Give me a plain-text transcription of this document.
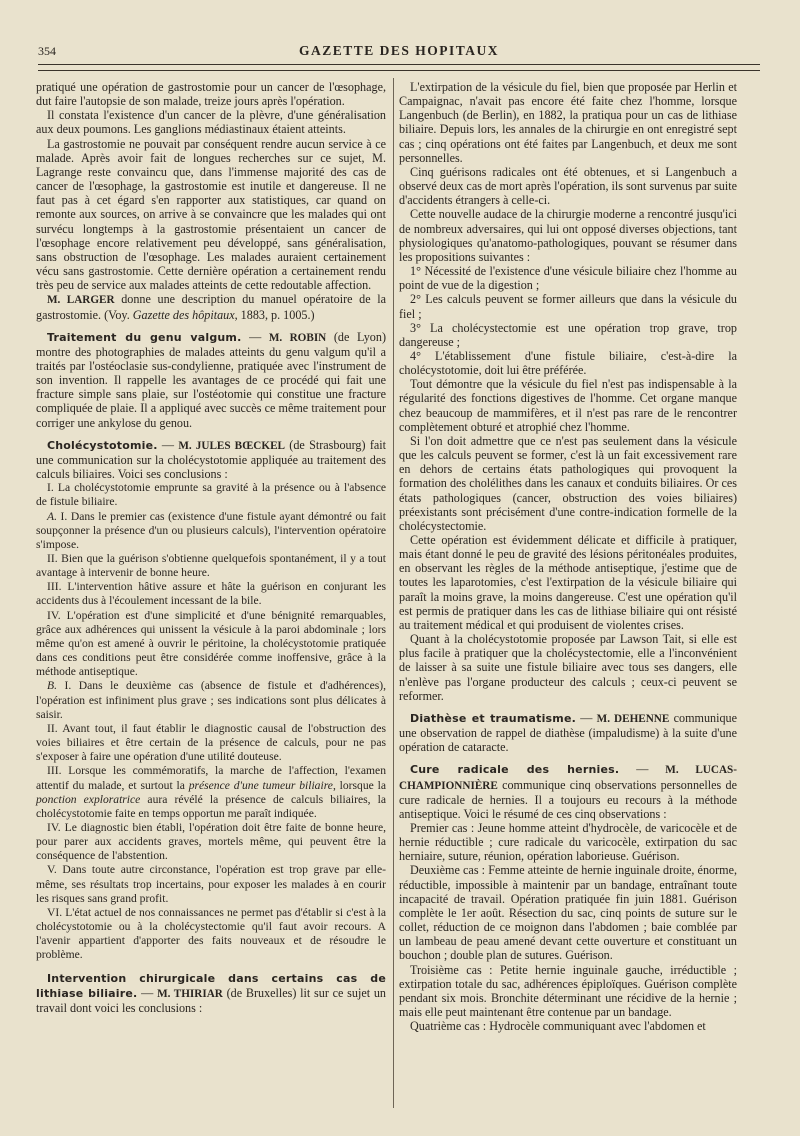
354	GAZETTE DES HOPITAUX

pratiqué une opération de gastrostomie pour un cancer de l'œsophage, dut faire l'autopsie de son malade, treize jours après l'opération.

Il constata l'existence d'un cancer de la plèvre, d'une généralisation aux deux poumons. Les ganglions médiastinaux étaient atteints.

La gastrostomie ne pouvait par conséquent rendre aucun service à ce malade. Après avoir fait de longues recherches sur ce sujet, M. Lagrange reste convaincu que, dans l'immense majorité des cas de cancer de l'œsophage, la gastrostomie est inutile et dangereuse. Il ne faut pas à cet égard s'en rapporter aux statistiques, car quand on remonte aux sources, on arrive à se convaincre que les malades qui ont survécu longtemps à la gastrostomie présentaient un cancer de l'œsophage encore relativement peu développé, sans généralisation, sans obstruction de l'œsophage. Les malades auraient certainement vécu sans gastrostomie. Cette dernière opération a certainement rendu très peu de service aux malades atteints de cette redoutable affection.

M. LARGER donne une description du manuel opératoire de la gastrostomie. (Voy. Gazette des hôpitaux, 1883, p. 1005.)

Traitement du genu valgum. — M. ROBIN (de Lyon) montre des photographies de malades atteints du genu valgum qu'il a traités par l'ostéoclasie sus-condylienne, pratiquée avec l'instrument de son invention. Il rappelle les avantages de ce procédé qui fait une fracture simple sans plaie, sur l'ostéotomie qui constitue une fracture compliquée de plaie. Il a appliqué avec succès ce même traitement pour corriger une ankylose du genou.

Cholécystotomie. — M. JULES BŒCKEL (de Strasbourg) fait une communication sur la cholécystotomie appliquée au traitement des calculs biliaires. Voici ses conclusions :

I. La cholécystotomie emprunte sa gravité à la présence ou à l'absence de fistule biliaire.

A. I. Dans le premier cas (existence d'une fistule ayant démontré ou fait soupçonner la présence d'un ou plusieurs calculs), l'intervention opératoire s'impose.

II. Bien que la guérison s'obtienne quelquefois spontanément, il y a tout avantage à intervenir de bonne heure.

III. L'intervention hâtive assure et hâte la guérison en conjurant les accidents dus à l'écoulement incessant de la bile.

IV. L'opération est d'une simplicité et d'une bénignité remarquables, grâce aux adhérences qui unissent la vésicule à la paroi abdominale ; lors même qu'on est amené à ouvrir le péritoine, la cholécystotomie pratiquée dans ces conditions peut être considérée comme inoffensive, grâce à la méthode antiseptique.

B. I. Dans le deuxième cas (absence de fistule et d'adhérences), l'opération est infiniment plus grave ; ses indications sont plus délicates à saisir.

II. Avant tout, il faut établir le diagnostic causal de l'obstruction des voies biliaires et être certain de la présence de calculs, pour ne pas s'exposer à faire une opération d'une utilité douteuse.

III. Lorsque les commémoratifs, la marche de l'affection, l'examen attentif du malade, et surtout la présence d'une tumeur biliaire, lorsque la ponction exploratrice aura révélé la présence de calculs biliaires, la cholécystotomie faite en temps opportun me paraît indiquée.

IV. Le diagnostic bien établi, l'opération doit être faite de bonne heure, pour parer aux accidents graves, mortels même, qui peuvent être la conséquence de l'abstention.

V. Dans toute autre circonstance, l'opération est trop grave par elle-même, ses résultats trop incertains, pour exposer les malades à en courir les risques sans grand profit.

VI. L'état actuel de nos connaissances ne permet pas d'établir si c'est à la cholécystotomie ou à la cholécystectomie qu'il faut avoir recours. A l'avenir appartient d'apporter des faits nouveaux et de résoudre le problème.

Intervention chirurgicale dans certains cas de lithiase biliaire. — M. THIRIAR (de Bruxelles) lit sur ce sujet un travail dont voici les conclusions :

L'extirpation de la vésicule du fiel, bien que proposée par Herlin et Campaignac, n'avait pas encore été faite chez l'homme, lorsque Langenbuch (de Berlin), en 1882, la pratiqua pour un cas de lithiase biliaire. Depuis lors, les annales de la chirurgie en ont enregistré sept cas ; cinq opérations ont été faites par Langenbuch, et deux me sont personnelles.

Cinq guérisons radicales ont été obtenues, et si Langenbuch a observé deux cas de mort après l'opération, ils sont survenus par suite d'accidents étrangers à celle-ci.

Cette nouvelle audace de la chirurgie moderne a rencontré jusqu'ici de nombreux adversaires, qui lui ont opposé diverses objections, tant physiologiques qu'anatomo-pathologiques, pouvant se résumer dans les propositions suivantes :

1° Nécessité de l'existence d'une vésicule biliaire chez l'homme au point de vue de la digestion ;

2° Les calculs peuvent se former ailleurs que dans la vésicule du fiel ;

3° La cholécystectomie est une opération trop grave, trop dangereuse ;

4° L'établissement d'une fistule biliaire, c'est-à-dire la cholécystotomie, doit lui être préférée.

Tout démontre que la vésicule du fiel n'est pas indispensable à la régularité des fonctions digestives de l'homme. Cet organe manque chez beaucoup de mammifères, et il n'est pas rare de le rencontrer complètement obturé et atrophié chez l'homme.

Si l'on doit admettre que ce n'est pas seulement dans la vésicule que les calculs peuvent se former, c'est là un fait excessivement rare en dehors de certains états pathologiques qui provoquent la formation des cholélithes dans les canaux et conduits biliaires. Or ces états pathologiques (cancer, obstruction des voies biliaires) préexistants sont précisément d'une contre-indication formelle de la cholécystectomie.

Cette opération est évidemment délicate et difficile à pratiquer, mais étant donné le peu de gravité des lésions péritonéales produites, en observant les règles de la méthode antiseptique, j'estime que de toutes les laparotomies, c'est l'extirpation de la vésicule biliaire qui paraît la moins grave, la moins dangereuse. C'est une opération qu'il est permis de pratiquer dans les cas de lithiase biliaire qui ont résisté au traitement médical et qui produisent de violentes crises.

Quant à la cholécystotomie proposée par Lawson Tait, si elle est plus facile à pratiquer que la cholécystectomie, elle a l'inconvénient de laisser à sa suite une fistule biliaire avec tous ses dangers, elle n'enlève pas l'organe producteur des calculs ; ceux-ci peuvent se reformer.

Diathèse et traumatisme. — M. DEHENNE communique une observation de rappel de diathèse (impaludisme) à la suite d'une opération de cataracte.

Cure radicale des hernies. — M. LUCAS-CHAMPIONNIÈRE communique cinq observations personnelles de cure radicale de hernies. Il a toujours eu recours à la méthode antiseptique. Voici le résumé de ces cinq observations :

Premier cas : Jeune homme atteint d'hydrocèle, de varicocèle et de hernie réductible ; cure radicale du varicocèle, extirpation du sac herniaire, suture, réunion, opération laborieuse. Guérison.

Deuxième cas : Femme atteinte de hernie inguinale droite, énorme, réductible, impossible à maintenir par un bandage, entraînant toute incapacité de travail. Opération pratiquée fin juin 1881. Guérison complète le 1er août. Résection du sac, cinq points de suture sur le collet, réduction de ce moignon dans l'abdomen ; baie comblée par un lambeau de peau amené devant cette ouverture et constituant un bouchon ; double plan de sutures. Guérison.

Troisième cas : Petite hernie inguinale gauche, irréductible ; extirpation totale du sac, adhérences épiploïques. Guérison complète pendant six mois. Bronchite déterminant une récidive de la hernie ; mais elle peut maintenant être contenue par un bandage.

Quatrième cas : Hydrocèle communiquant avec l'abdomen et
